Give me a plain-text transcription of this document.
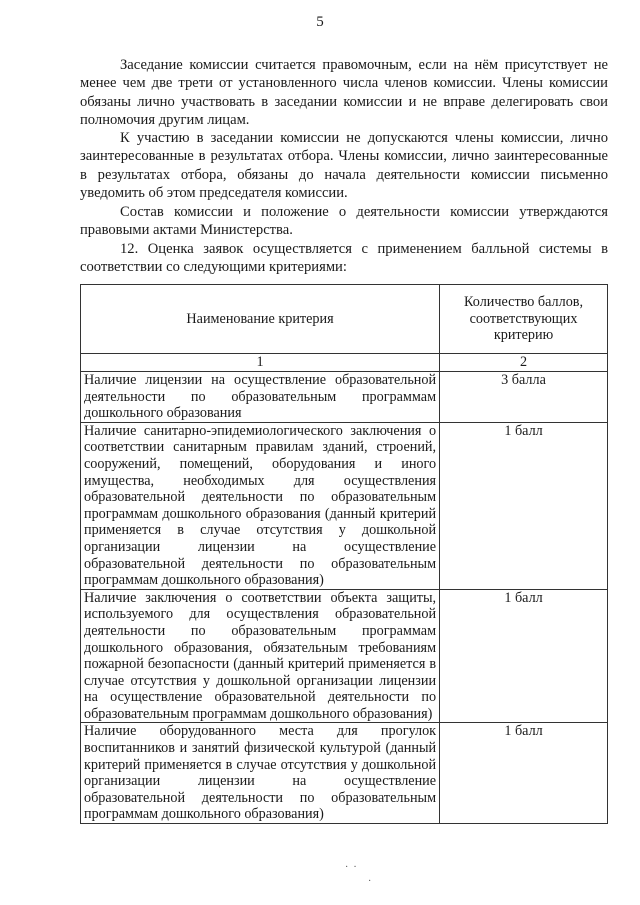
5

Заседание комиссии считается правомочным, если на нём присутствует не менее чем две трети от установленного числа членов комиссии. Члены комиссии обязаны лично участвовать в заседании комиссии и не вправе делегировать свои полномочия другим лицам.

К участию в заседании комиссии не допускаются члены комиссии, лично заинтересованные в результатах отбора. Члены комиссии, лично заинтересованные в результатах отбора, обязаны до начала деятельности комиссии письменно уведомить об этом председателя комиссии.

Состав комиссии и положение о деятельности комиссии утверждаются правовыми актами Министерства.

12. Оценка заявок осуществляется с применением балльной системы в соответствии со следующими критериями:

Наименование критерия	Количество баллов, соответствующих критерию
1	2
Наличие лицензии на осуществление образовательной деятельности по образовательным программам дошкольного образования	3 балла
Наличие санитарно-эпидемиологического заключения о соответствии санитарным правилам зданий, строений, сооружений, помещений, оборудования и иного имущества, необходимых для осуществления образовательной деятельности по образовательным программам дошкольного образования (данный критерий применяется в случае отсутствия у дошкольной организации лицензии на осуществление образовательной деятельности по образовательным программам дошкольного образования)	1 балл
Наличие заключения о соответствии объекта защиты, используемого для осуществления образовательной деятельности по образовательным программам дошкольного образования, обязательным требованиям пожарной безопасности (данный критерий применяется в случае отсутствия у дошкольной организации лицензии на осуществление образовательной деятельности по образовательным программам дошкольного образования)	1 балл
Наличие оборудованного места для прогулок воспитанников и занятий физической культурой (данный критерий применяется в случае отсутствия у дошкольной организации лицензии на осуществление образовательной деятельности по образовательным программам дошкольного образования)	1 балл
·  ·
·
